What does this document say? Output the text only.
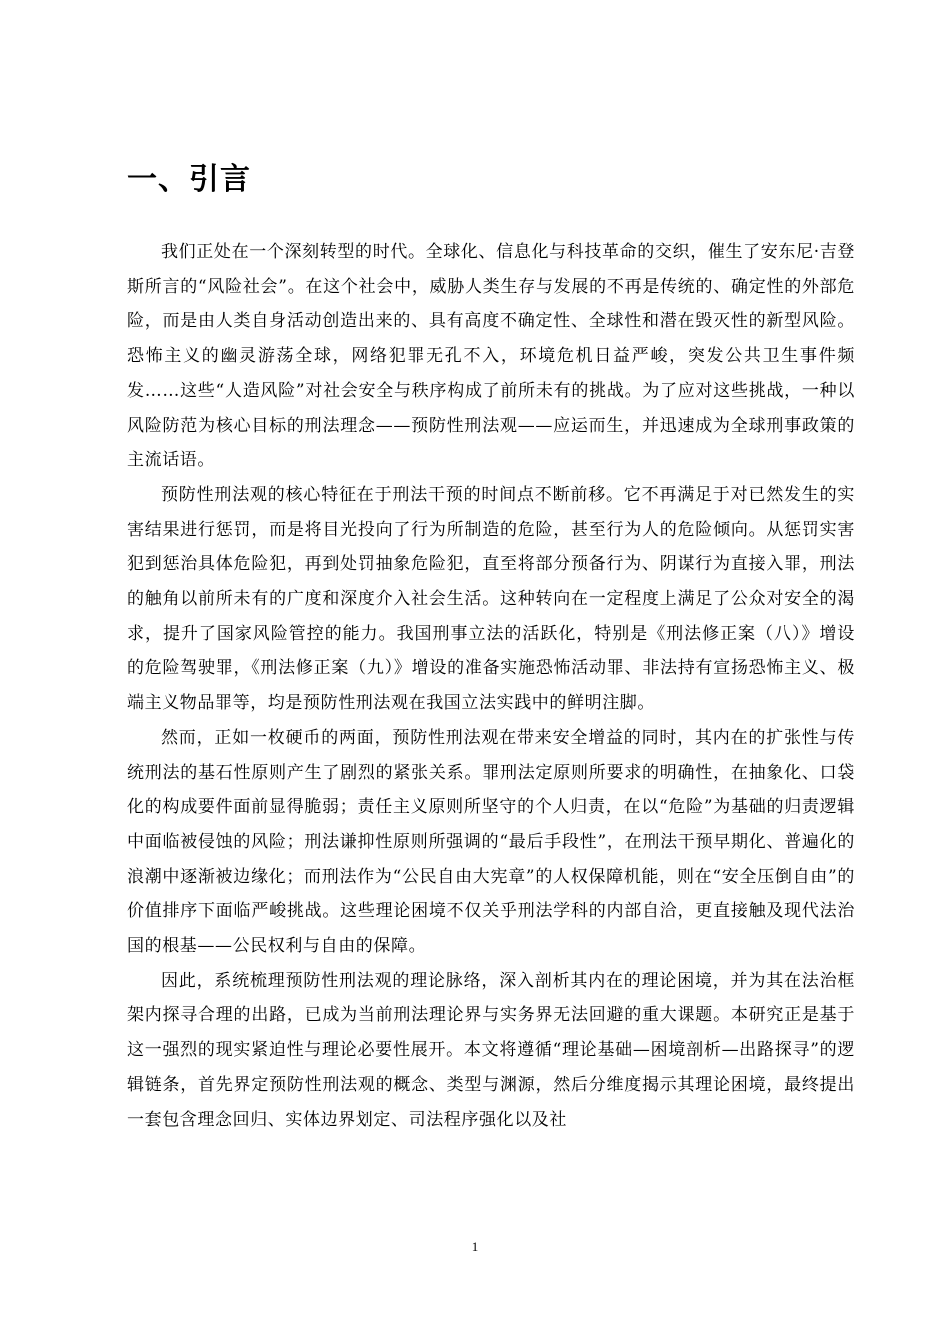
一、引言

我们正处在一个深刻转型的时代。全球化、信息化与科技革命的交织，催生了安东尼·吉登斯所言的“风险社会”。在这个社会中，威胁人类生存与发展的不再是传统的、确定性的外部危险，而是由人类自身活动创造出来的、具有高度不确定性、全球性和潜在毁灭性的新型风险。恐怖主义的幽灵游荡全球，网络犯罪无孔不入，环境危机日益严峻，突发公共卫生事件频发……这些“人造风险”对社会安全与秩序构成了前所未有的挑战。为了应对这些挑战，一种以风险防范为核心目标的刑法理念——预防性刑法观——应运而生，并迅速成为全球刑事政策的主流话语。

预防性刑法观的核心特征在于刑法干预的时间点不断前移。它不再满足于对已然发生的实害结果进行惩罚，而是将目光投向了行为所制造的危险，甚至行为人的危险倾向。从惩罚实害犯到惩治具体危险犯，再到处罚抽象危险犯，直至将部分预备行为、阴谋行为直接入罪，刑法的触角以前所未有的广度和深度介入社会生活。这种转向在一定程度上满足了公众对安全的渴求，提升了国家风险管控的能力。我国刑事立法的活跃化，特别是《刑法修正案（八）》增设的危险驾驶罪，《刑法修正案（九）》增设的准备实施恐怖活动罪、非法持有宣扬恐怖主义、极端主义物品罪等，均是预防性刑法观在我国立法实践中的鲜明注脚。

然而，正如一枚硬币的两面，预防性刑法观在带来安全增益的同时，其内在的扩张性与传统刑法的基石性原则产生了剧烈的紧张关系。罪刑法定原则所要求的明确性，在抽象化、口袋化的构成要件面前显得脆弱；责任主义原则所坚守的个人归责，在以“危险”为基础的归责逻辑中面临被侵蚀的风险；刑法谦抑性原则所强调的“最后手段性”，在刑法干预早期化、普遍化的浪潮中逐渐被边缘化；而刑法作为“公民自由大宪章”的人权保障机能，则在“安全压倒自由”的价值排序下面临严峻挑战。这些理论困境不仅关乎刑法学科的内部自洽，更直接触及现代法治国的根基——公民权利与自由的保障。

因此，系统梳理预防性刑法观的理论脉络，深入剖析其内在的理论困境，并为其在法治框架内探寻合理的出路，已成为当前刑法理论界与实务界无法回避的重大课题。本研究正是基于这一强烈的现实紧迫性与理论必要性展开。本文将遵循“理论基础—困境剖析—出路探寻”的逻辑链条，首先界定预防性刑法观的概念、类型与渊源，然后分维度揭示其理论困境，最终提出一套包含理念回归、实体边界划定、司法程序强化以及社

1
